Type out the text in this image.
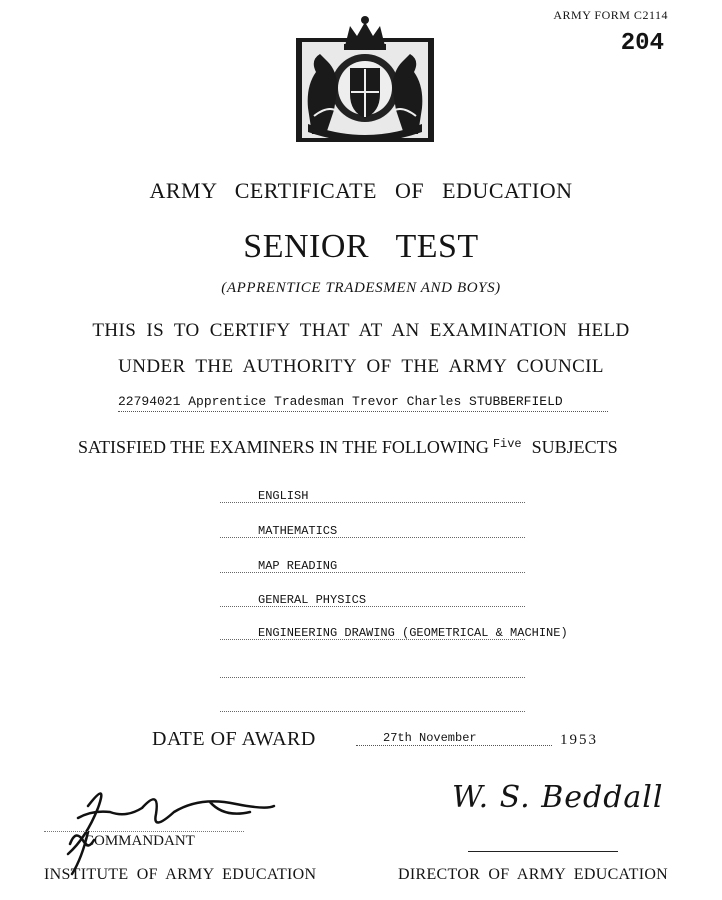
ARMY FORM C2114
204
ARMY CERTIFICATE OF EDUCATION
SENIOR TEST
(APPRENTICE TRADESMEN AND BOYS)
THIS IS TO CERTIFY THAT AT AN EXAMINATION HELD
UNDER THE AUTHORITY OF THE ARMY COUNCIL
22794021 Apprentice Tradesman Trevor Charles STUBBERFIELD
SATISFIED THE EXAMINERS IN THE FOLLOWING $^{Five}$ SUBJECTS
ENGLISH
MATHEMATICS
MAP READING
GENERAL PHYSICS
ENGINEERING DRAWING (GEOMETRICAL & MACHINE)
DATE OF AWARD	27th November	1953
COMMANDANT
INSTITUTE OF ARMY EDUCATION
W. S. Beddall
DIRECTOR OF ARMY EDUCATION
